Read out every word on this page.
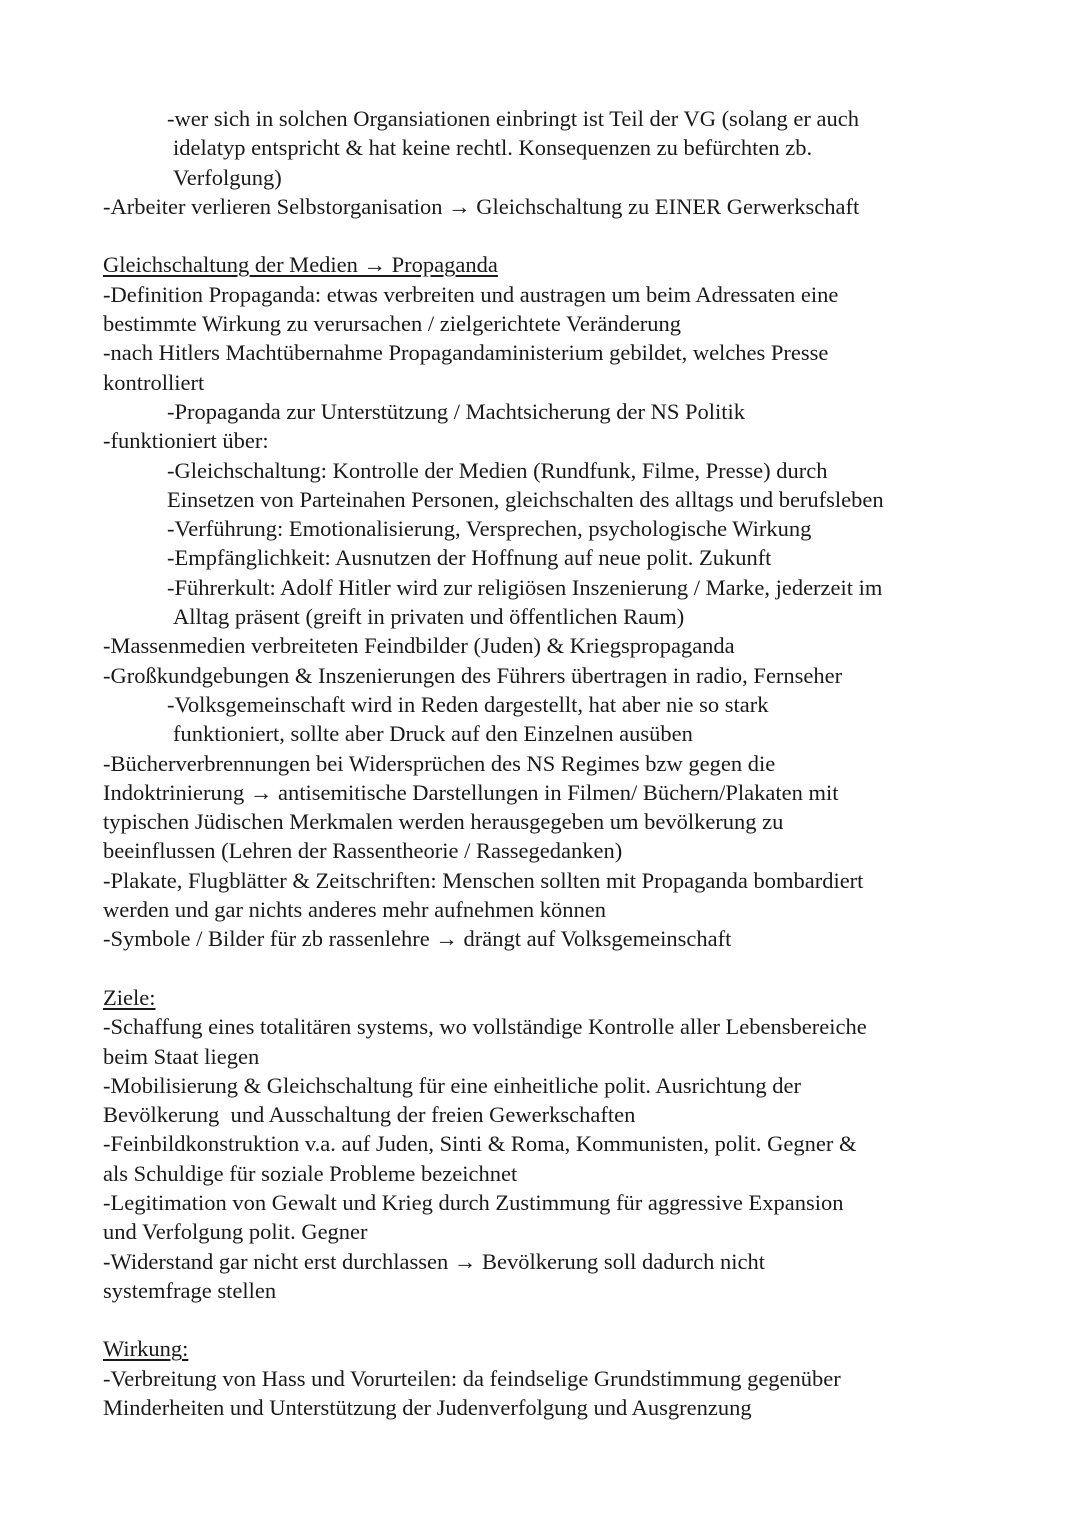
-wer sich in solchen Organsiationen einbringt ist Teil der VG (solang er auch
idelatyp entspricht & hat keine rechtl. Konsequenzen zu befürchten zb.
Verfolgung)
-Arbeiter verlieren Selbstorganisation → Gleichschaltung zu EINER Gerwerkschaft
Gleichschaltung der Medien → Propaganda
-Definition Propaganda: etwas verbreiten und austragen um beim Adressaten eine
bestimmte Wirkung zu verursachen / zielgerichtete Veränderung
-nach Hitlers Machtübernahme Propagandaministerium gebildet, welches Presse
kontrolliert
-Propaganda zur Unterstützung / Machtsicherung der NS Politik
-funktioniert über:
-Gleichschaltung: Kontrolle der Medien (Rundfunk, Filme, Presse) durch
Einsetzen von Parteinahen Personen, gleichschalten des alltags und berufsleben
-Verführung: Emotionalisierung, Versprechen, psychologische Wirkung
-Empfänglichkeit: Ausnutzen der Hoffnung auf neue polit. Zukunft
-Führerkult: Adolf Hitler wird zur religiösen Inszenierung / Marke, jederzeit im
Alltag präsent (greift in privaten und öffentlichen Raum)
-Massenmedien verbreiteten Feindbilder (Juden) & Kriegspropaganda
-Großkundgebungen & Inszenierungen des Führers übertragen in radio, Fernseher
-Volksgemeinschaft wird in Reden dargestellt, hat aber nie so stark
funktioniert, sollte aber Druck auf den Einzelnen ausüben
-Bücherverbrennungen bei Widersprüchen des NS Regimes bzw gegen die
Indoktrinierung → antisemitische Darstellungen in Filmen/ Büchern/Plakaten mit
typischen Jüdischen Merkmalen werden herausgegeben um bevölkerung zu
beeinflussen (Lehren der Rassentheorie / Rassegedanken)
-Plakate, Flugblätter & Zeitschriften: Menschen sollten mit Propaganda bombardiert
werden und gar nichts anderes mehr aufnehmen können
-Symbole / Bilder für zb rassenlehre → drängt auf Volksgemeinschaft
Ziele:
-Schaffung eines totalitären systems, wo vollständige Kontrolle aller Lebensbereiche
beim Staat liegen
-Mobilisierung & Gleichschaltung für eine einheitliche polit. Ausrichtung der
Bevölkerung  und Ausschaltung der freien Gewerkschaften
-Feinbildkonstruktion v.a. auf Juden, Sinti & Roma, Kommunisten, polit. Gegner &
als Schuldige für soziale Probleme bezeichnet
-Legitimation von Gewalt und Krieg durch Zustimmung für aggressive Expansion
und Verfolgung polit. Gegner
-Widerstand gar nicht erst durchlassen → Bevölkerung soll dadurch nicht
systemfrage stellen
Wirkung:
-Verbreitung von Hass und Vorurteilen: da feindselige Grundstimmung gegenüber
Minderheiten und Unterstützung der Judenverfolgung und Ausgrenzung
